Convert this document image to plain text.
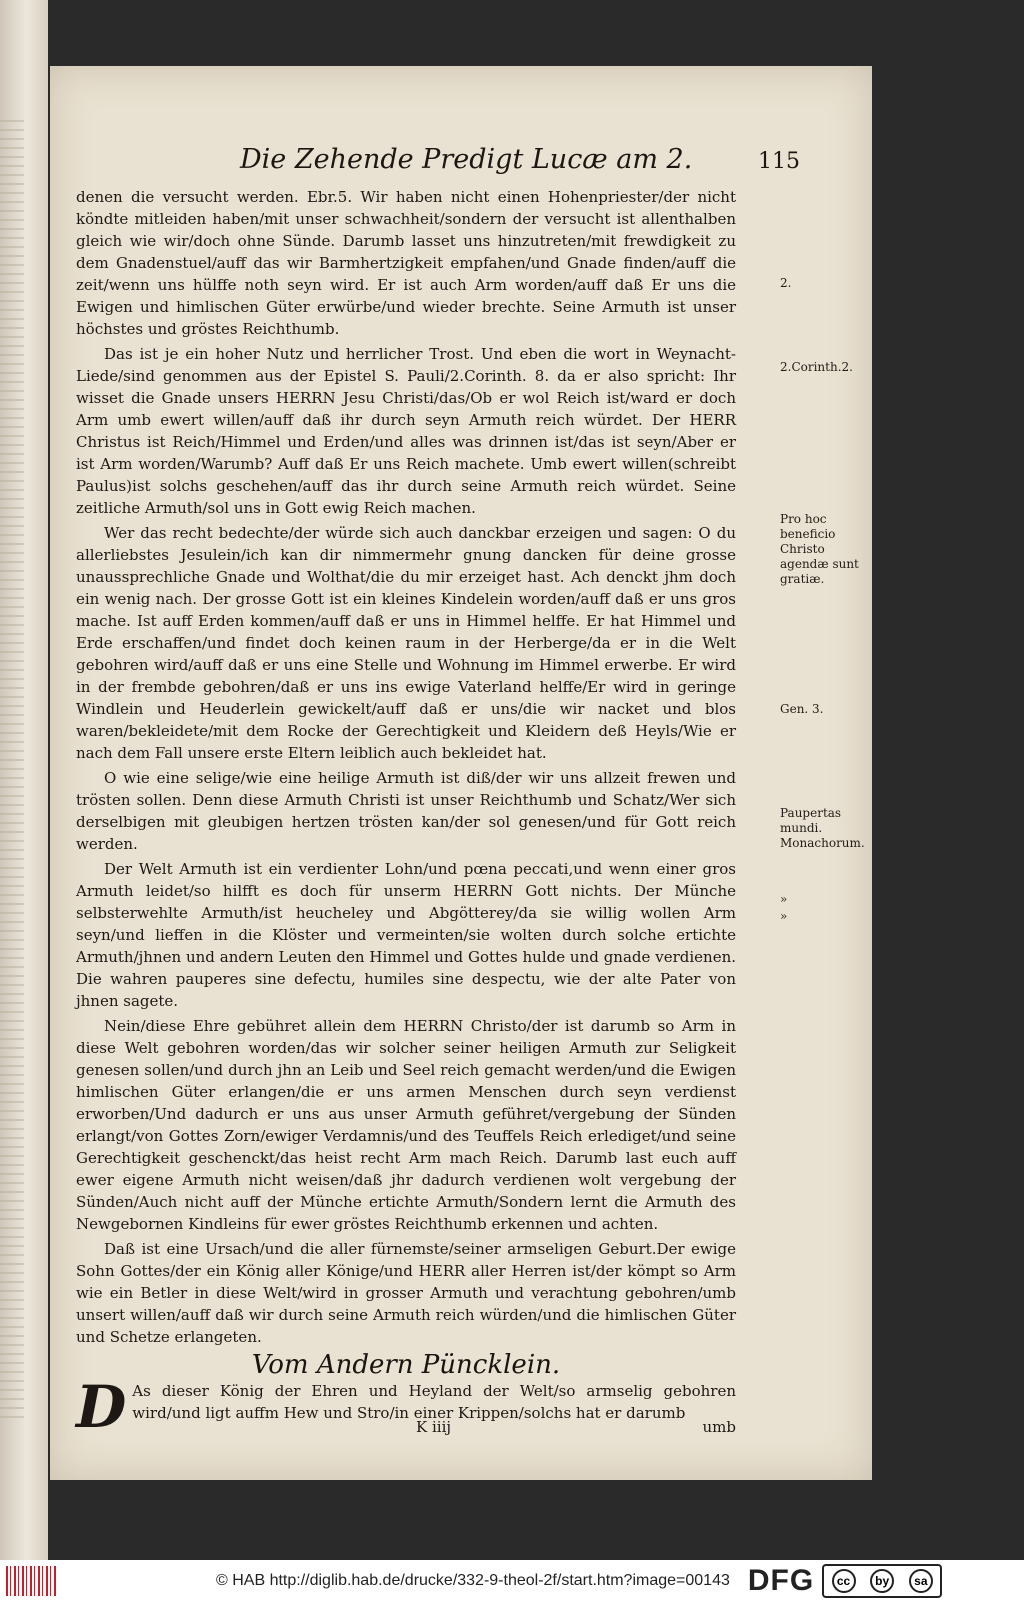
Die Zehende Predigt Lucæ am 2.	115

denen die versucht werden. Ebr.5. Wir haben nicht einen Hohenpriester/der nicht köndte mitleiden haben/mit unser schwachheit/sondern der versucht ist allenthalben gleich wie wir/doch ohne Sünde. Darumb lasset uns hinzutreten/mit frewdigkeit zu dem Gnadenstuel/auff das wir Barmhertzigkeit empfahen/und Gnade finden/auff die zeit/wenn uns hülffe noth seyn wird. Er ist auch Arm worden/auff daß Er uns die Ewigen und himlischen Güter erwürbe/und wieder brechte. Seine Armuth ist unser höchstes und gröstes Reichthumb.

Das ist je ein hoher Nutz und herrlicher Trost. Und eben die wort in Weynacht-Liede/sind genommen aus der Epistel S. Pauli/2.Corinth. 8. da er also spricht: Ihr wisset die Gnade unsers HERRN Jesu Christi/das/Ob er wol Reich ist/ward er doch Arm umb ewert willen/auff daß ihr durch seyn Armuth reich würdet. Der HERR Christus ist Reich/Himmel und Erden/und alles was drinnen ist/das ist seyn/Aber er ist Arm worden/Warumb? Auff daß Er uns Reich machete. Umb ewert willen(schreibt Paulus)ist solchs geschehen/auff das ihr durch seine Armuth reich würdet. Seine zeitliche Armuth/sol uns in Gott ewig Reich machen.

Wer das recht bedechte/der würde sich auch danckbar erzeigen und sagen: O du allerliebstes Jesulein/ich kan dir nimmermehr gnung dancken für deine grosse unaussprechliche Gnade und Wolthat/die du mir erzeiget hast. Ach denckt jhm doch ein wenig nach. Der grosse Gott ist ein kleines Kindelein worden/auff daß er uns gros mache. Ist auff Erden kommen/auff daß er uns in Himmel helffe. Er hat Himmel und Erde erschaffen/und findet doch keinen raum in der Herberge/da er in die Welt gebohren wird/auff daß er uns eine Stelle und Wohnung im Himmel erwerbe. Er wird in der frembde gebohren/daß er uns ins ewige Vaterland helffe/Er wird in geringe Windlein und Heuderlein gewickelt/auff daß er uns/die wir nacket und blos waren/bekleidete/mit dem Rocke der Gerechtigkeit und Kleidern deß Heyls/Wie er nach dem Fall unsere erste Eltern leiblich auch bekleidet hat.

O wie eine selige/wie eine heilige Armuth ist diß/der wir uns allzeit frewen und trösten sollen. Denn diese Armuth Christi ist unser Reichthumb und Schatz/Wer sich derselbigen mit gleubigen hertzen trösten kan/der sol genesen/und für Gott reich werden.

Der Welt Armuth ist ein verdienter Lohn/und pœna peccati,und wenn einer gros Armuth leidet/so hilfft es doch für unserm HERRN Gott nichts. Der Münche selbsterwehlte Armuth/ist heucheley und Abgötterey/da sie willig wollen Arm seyn/und lieffen in die Klöster und vermeinten/sie wolten durch solche ertichte Armuth/jhnen und andern Leuten den Himmel und Gottes hulde und gnade verdienen. Die wahren pauperes sine defectu, humiles sine despectu, wie der alte Pater von jhnen sagete.

Nein/diese Ehre gebühret allein dem HERRN Christo/der ist darumb so Arm in diese Welt gebohren worden/das wir solcher seiner heiligen Armuth zur Seligkeit genesen sollen/und durch jhn an Leib und Seel reich gemacht werden/und die Ewigen himlischen Güter erlangen/die er uns armen Menschen durch seyn verdienst erworben/Und dadurch er uns aus unser Armuth geführet/vergebung der Sünden erlangt/von Gottes Zorn/ewiger Verdamnis/und des Teuffels Reich erlediget/und seine Gerechtigkeit geschenckt/das heist recht Arm mach Reich. Darumb last euch auff ewer eigene Armuth nicht weisen/daß jhr dadurch verdienen wolt vergebung der Sünden/Auch nicht auff der Münche ertichte Armuth/Sondern lernt die Armuth des Newgebornen Kindleins für ewer gröstes Reichthumb erkennen und achten.

Daß ist eine Ursach/und die aller fürnemste/seiner armseligen Geburt.Der ewige Sohn Gottes/der ein König aller Könige/und HERR aller Herren ist/der kömpt so Arm wie ein Betler in diese Welt/wird in grosser Armuth und verachtung gebohren/umb unsert willen/auff daß wir durch seine Armuth reich würden/und die himlischen Güter und Schetze erlangeten.

Vom Andern Püncklein.

D As dieser König der Ehren und Heyland der Welt/so armselig gebohren wird/und ligt auffm Hew und Stro/in einer Krippen/solchs hat er darumb

K iiij	umb
2.
2.Corinth.2.
Pro hoc beneficio Christo agendæ sunt gratiæ.
Gen. 3.
Paupertas mundi. Monachorum.
»
»
© HAB http://diglib.hab.de/drucke/332-9-theol-2f/start.htm?image=00143 DFG	cc	by	sa
